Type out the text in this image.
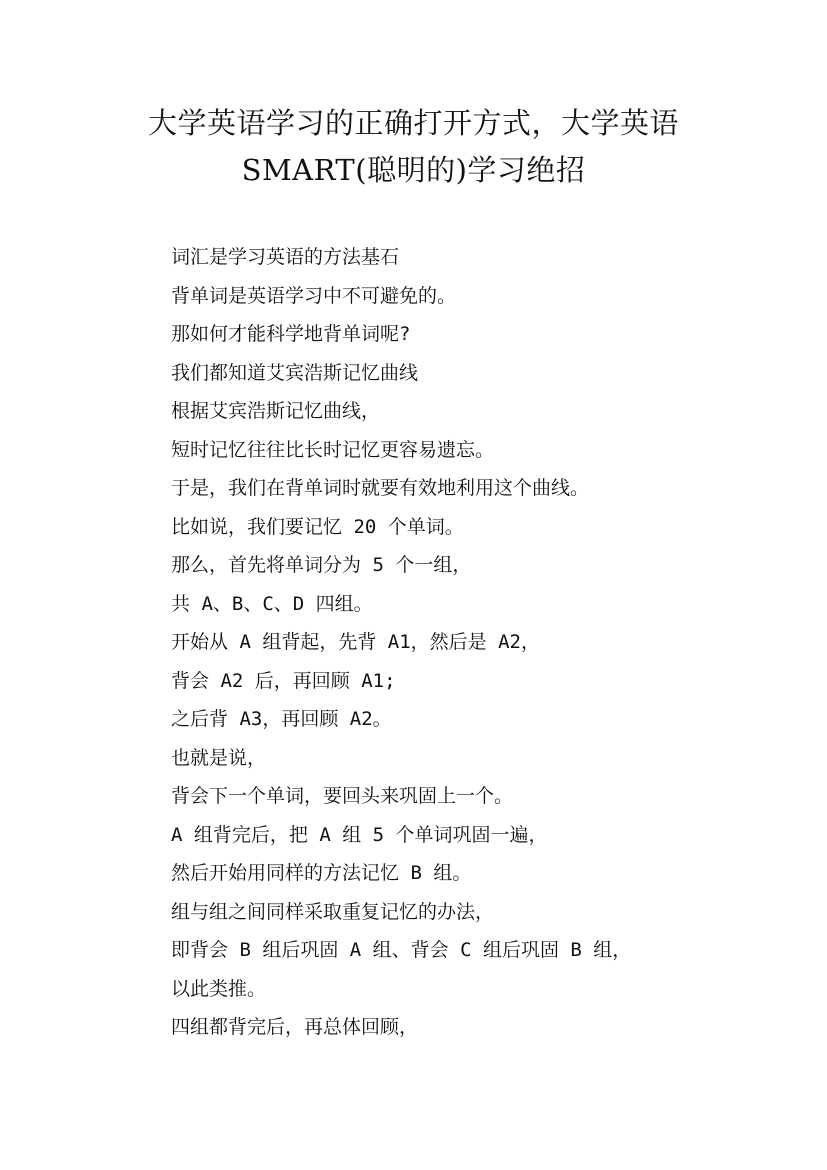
大学英语学习的正确打开方式，大学英语
SMART(聪明的)学习绝招
词汇是学习英语的方法基石
背单词是英语学习中不可避免的。
那如何才能科学地背单词呢?
我们都知道艾宾浩斯记忆曲线
根据艾宾浩斯记忆曲线，
短时记忆往往比长时记忆更容易遗忘。
于是，我们在背单词时就要有效地利用这个曲线。
比如说，我们要记忆 20 个单词。
那么，首先将单词分为 5 个一组，
共 A、B、C、D 四组。
开始从 A 组背起，先背 A1，然后是 A2，
背会 A2 后，再回顾 A1;
之后背 A3，再回顾 A2。
也就是说，
背会下一个单词，要回头来巩固上一个。
A 组背完后，把 A 组 5 个单词巩固一遍，
然后开始用同样的方法记忆 B 组。
组与组之间同样采取重复记忆的办法，
即背会 B 组后巩固 A 组、背会 C 组后巩固 B 组，
以此类推。
四组都背完后，再总体回顾，
